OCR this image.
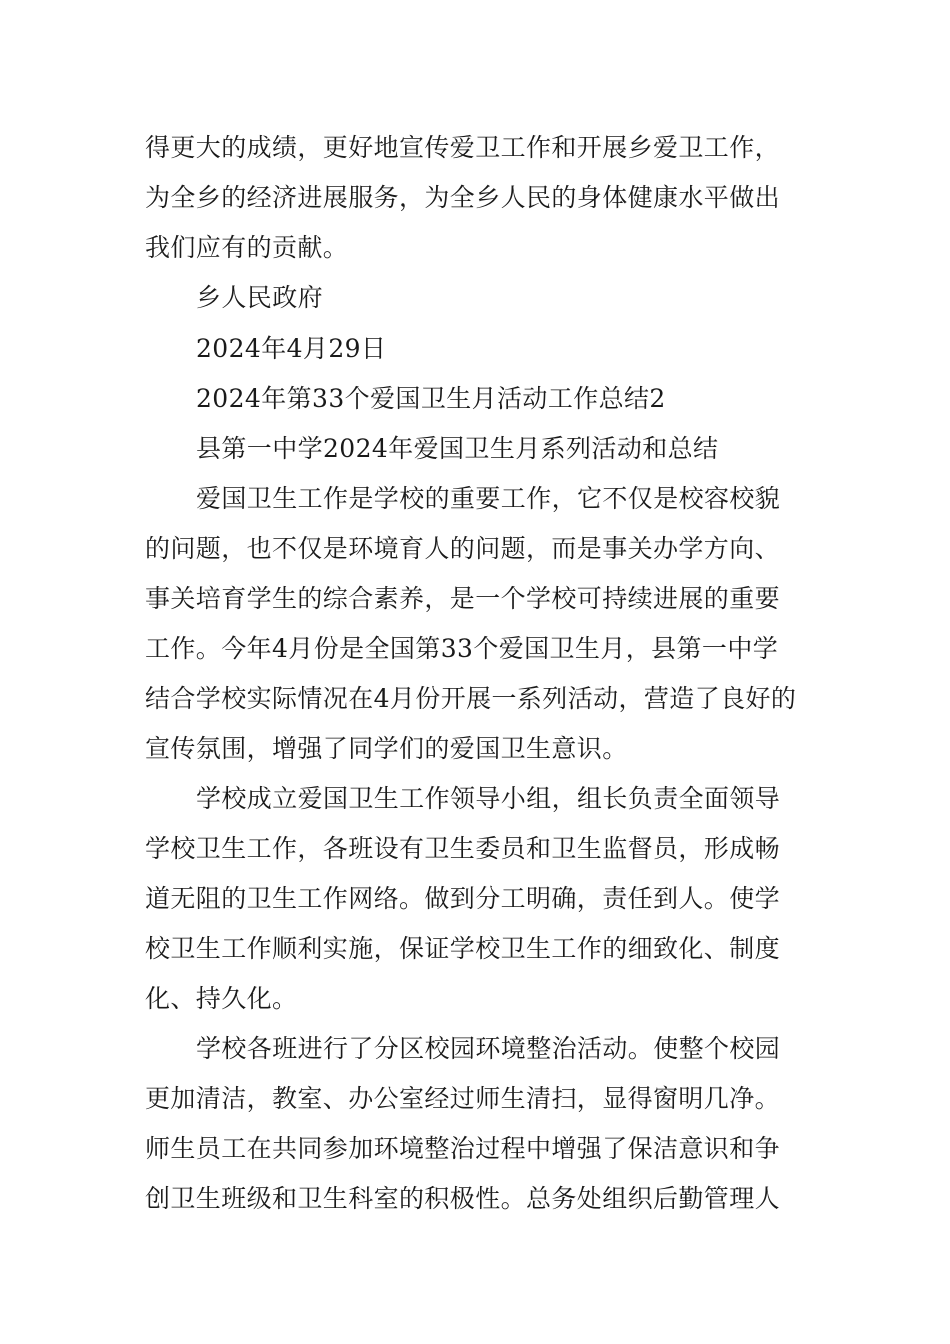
得更大的成绩，更好地宣传爱卫工作和开展乡爱卫工作，
为全乡的经济进展服务，为全乡人民的身体健康水平做出
我们应有的贡献。
乡人民政府
2024年4月29日
2024年第33个爱国卫生月活动工作总结2
县第一中学2024年爱国卫生月系列活动和总结
爱国卫生工作是学校的重要工作，它不仅是校容校貌
的问题，也不仅是环境育人的问题，而是事关办学方向、
事关培育学生的综合素养，是一个学校可持续进展的重要
工作。今年4月份是全国第33个爱国卫生月，县第一中学
结合学校实际情况在4月份开展一系列活动，营造了良好的
宣传氛围，增强了同学们的爱国卫生意识。
学校成立爱国卫生工作领导小组，组长负责全面领导
学校卫生工作，各班设有卫生委员和卫生监督员，形成畅
道无阻的卫生工作网络。做到分工明确，责任到人。使学
校卫生工作顺利实施，保证学校卫生工作的细致化、制度
化、持久化。
学校各班进行了分区校园环境整治活动。使整个校园
更加清洁，教室、办公室经过师生清扫，显得窗明几净。
师生员工在共同参加环境整治过程中增强了保洁意识和争
创卫生班级和卫生科室的积极性。总务处组织后勤管理人
